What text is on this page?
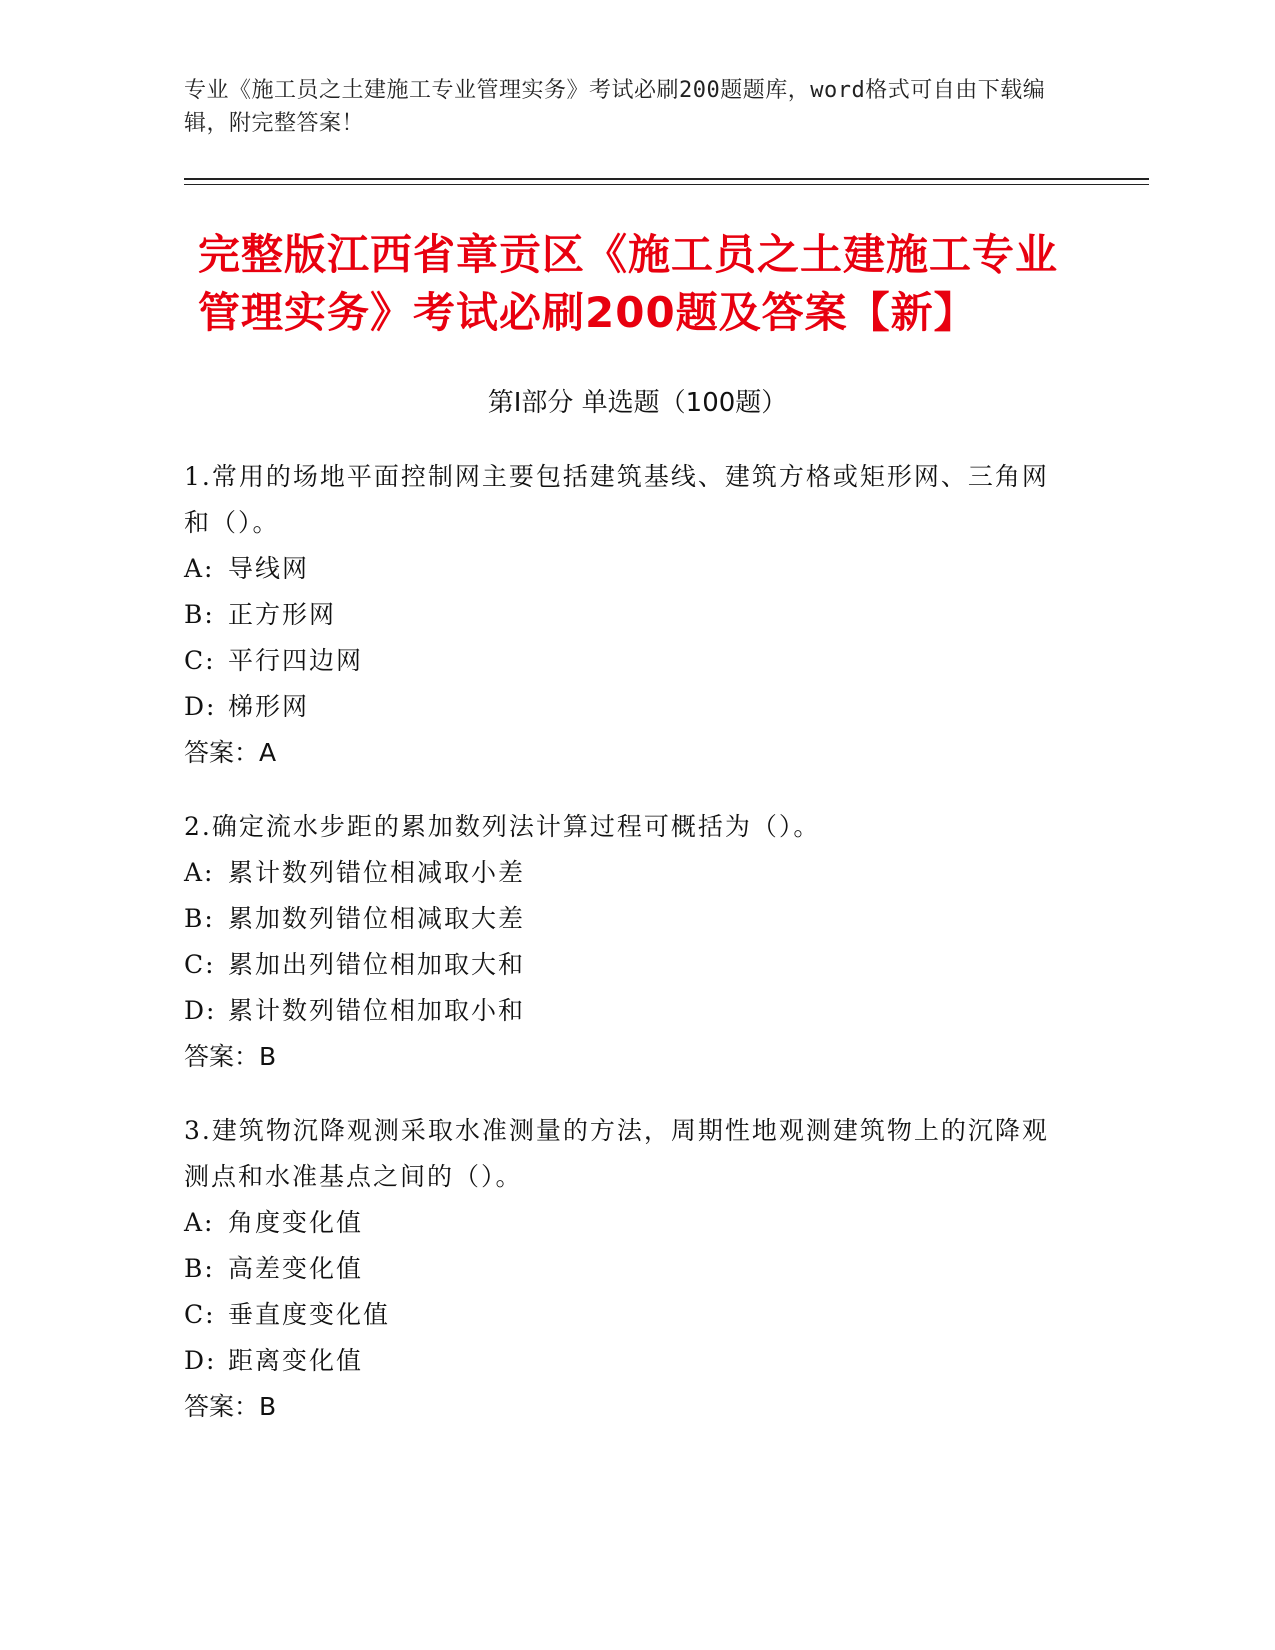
专业《施工员之土建施工专业管理实务》考试必刷200题题库，word格式可自由下载编辑，附完整答案！
完整版江西省章贡区《施工员之土建施工专业管理实务》考试必刷200题及答案【新】
第Ⅰ部分 单选题（100题）

1.常用的场地平面控制网主要包括建筑基线、建筑方格或矩形网、三角网和（）。

A: 导线网

B: 正方形网

C: 平行四边网

D: 梯形网

答案：A

2.确定流水步距的累加数列法计算过程可概括为（）。

A: 累计数列错位相减取小差

B: 累加数列错位相减取大差

C: 累加出列错位相加取大和

D: 累计数列错位相加取小和

答案：B

3.建筑物沉降观测采取水准测量的方法，周期性地观测建筑物上的沉降观测点和水准基点之间的（）。

A: 角度变化值

B: 高差变化值

C: 垂直度变化值

D: 距离变化值

答案：B
